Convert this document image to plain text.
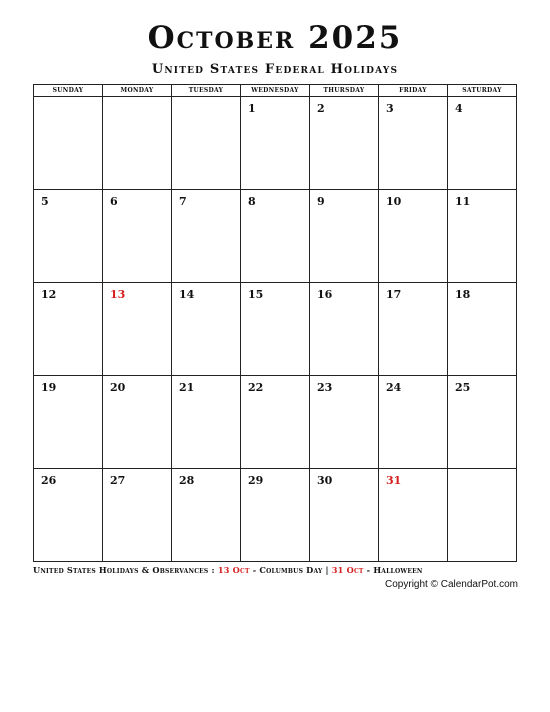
October 2025
United States Federal Holidays
SUNDAY	MONDAY	TUESDAY	WEDNESDAY	THURSDAY	FRIDAY	SATURDAY

			1	2	3	4

5	6	7	8	9	10	11

12	13	14	15	16	17	18

19	20	21	22	23	24	25

26	27	28	29	30	31	

United States Holidays & Observances : 13 Oct - Columbus Day | 31 Oct - Halloween
Copyright © CalendarPot.com
